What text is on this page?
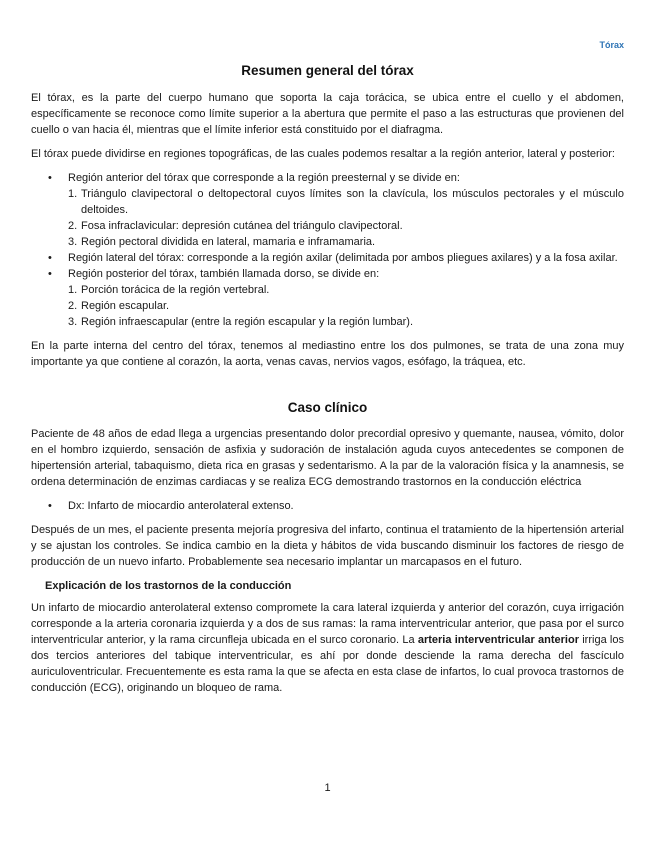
Tórax
Resumen general del tórax

El tórax, es la parte del cuerpo humano que soporta la caja torácica, se ubica entre el cuello y el abdomen, específicamente se reconoce como límite superior a la abertura que permite el paso a las estructuras que provienen del cuello o van hacia él, mientras que el límite inferior está constituido por el diafragma.

El tórax puede dividirse en regiones topográficas, de las cuales podemos resaltar a la región anterior, lateral y posterior:

• Región anterior del tórax que corresponde a la región preesternal y se divide en:
1. Triángulo clavipectoral o deltopectoral cuyos límites son la clavícula, los músculos pectorales y el músculo deltoides.
2. Fosa infraclavicular: depresión cutánea del triángulo clavipectoral.
3. Región pectoral dividida en lateral, mamaria e inframamaria.
• Región lateral del tórax: corresponde a la región axilar (delimitada por ambos pliegues axilares) y a la fosa axilar.
• Región posterior del tórax, también llamada dorso, se divide en:
1. Porción torácica de la región vertebral.
2. Región escapular.
3. Región infraescapular (entre la región escapular y la región lumbar).

En la parte interna del centro del tórax, tenemos al mediastino entre los dos pulmones, se trata de una zona muy importante ya que contiene al corazón, la aorta, venas cavas, nervios vagos, esófago, la tráquea, etc.

Caso clínico

Paciente de 48 años de edad llega a urgencias presentando dolor precordial opresivo y quemante, nausea, vómito, dolor en el hombro izquierdo, sensación de asfixia y sudoración de instalación aguda cuyos antecedentes se componen de hipertensión arterial, tabaquismo, dieta rica en grasas y sedentarismo. A la par de la valoración física y la anamnesis, se ordena determinación de enzimas cardiacas y se realiza ECG demostrando trastornos en la conducción eléctrica

• Dx: Infarto de miocardio anterolateral extenso.

Después de un mes, el paciente presenta mejoría progresiva del infarto, continua el tratamiento de la hipertensión arterial y se ajustan los controles. Se indica cambio en la dieta y hábitos de vida buscando disminuir los factores de riesgo de producción de un nuevo infarto. Probablemente sea necesario implantar un marcapasos en el futuro.

Explicación de los trastornos de la conducción

Un infarto de miocardio anterolateral extenso compromete la cara lateral izquierda y anterior del corazón, cuya irrigación corresponde a la arteria coronaria izquierda y a dos de sus ramas: la rama interventricular anterior, que pasa por el surco interventricular anterior, y la rama circunfleja ubicada en el surco coronario. La arteria interventricular anterior irriga los dos tercios anteriores del tabique interventricular, es ahí por donde desciende la rama derecha del fascículo auriculoventricular. Frecuentemente es esta rama la que se afecta en esta clase de infartos, lo cual provoca trastornos de conducción (ECG), originando un bloqueo de rama.

1
